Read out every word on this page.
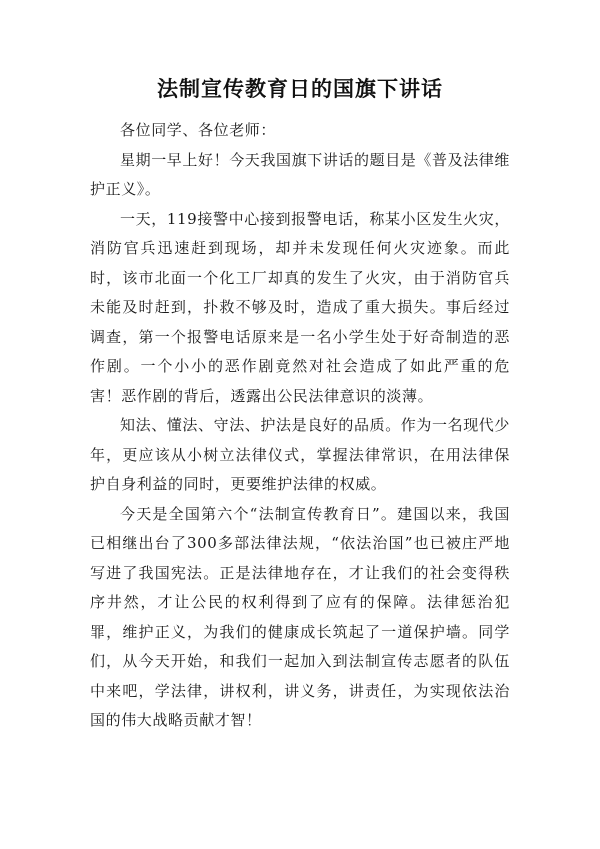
法制宣传教育日的国旗下讲话

各位同学、各位老师：

星期一早上好！今天我国旗下讲话的题目是《普及法律维护正义》。

一天，119接警中心接到报警电话，称某小区发生火灾，消防官兵迅速赶到现场，却并未发现任何火灾迹象。而此时，该市北面一个化工厂却真的发生了火灾，由于消防官兵未能及时赶到，扑救不够及时，造成了重大损失。事后经过调查，第一个报警电话原来是一名小学生处于好奇制造的恶作剧。一个小小的恶作剧竟然对社会造成了如此严重的危害！恶作剧的背后，透露出公民法律意识的淡薄。

知法、懂法、守法、护法是良好的品质。作为一名现代少年，更应该从小树立法律仪式，掌握法律常识，在用法律保护自身利益的同时，更要维护法律的权威。

今天是全国第六个“法制宣传教育日”。建国以来，我国已相继出台了300多部法律法规，“依法治国”也已被庄严地写进了我国宪法。正是法律地存在，才让我们的社会变得秩序井然，才让公民的权利得到了应有的保障。法律惩治犯罪，维护正义，为我们的健康成长筑起了一道保护墙。同学们，从今天开始，和我们一起加入到法制宣传志愿者的队伍中来吧，学法律，讲权利，讲义务，讲责任，为实现依法治国的伟大战略贡献才智！
